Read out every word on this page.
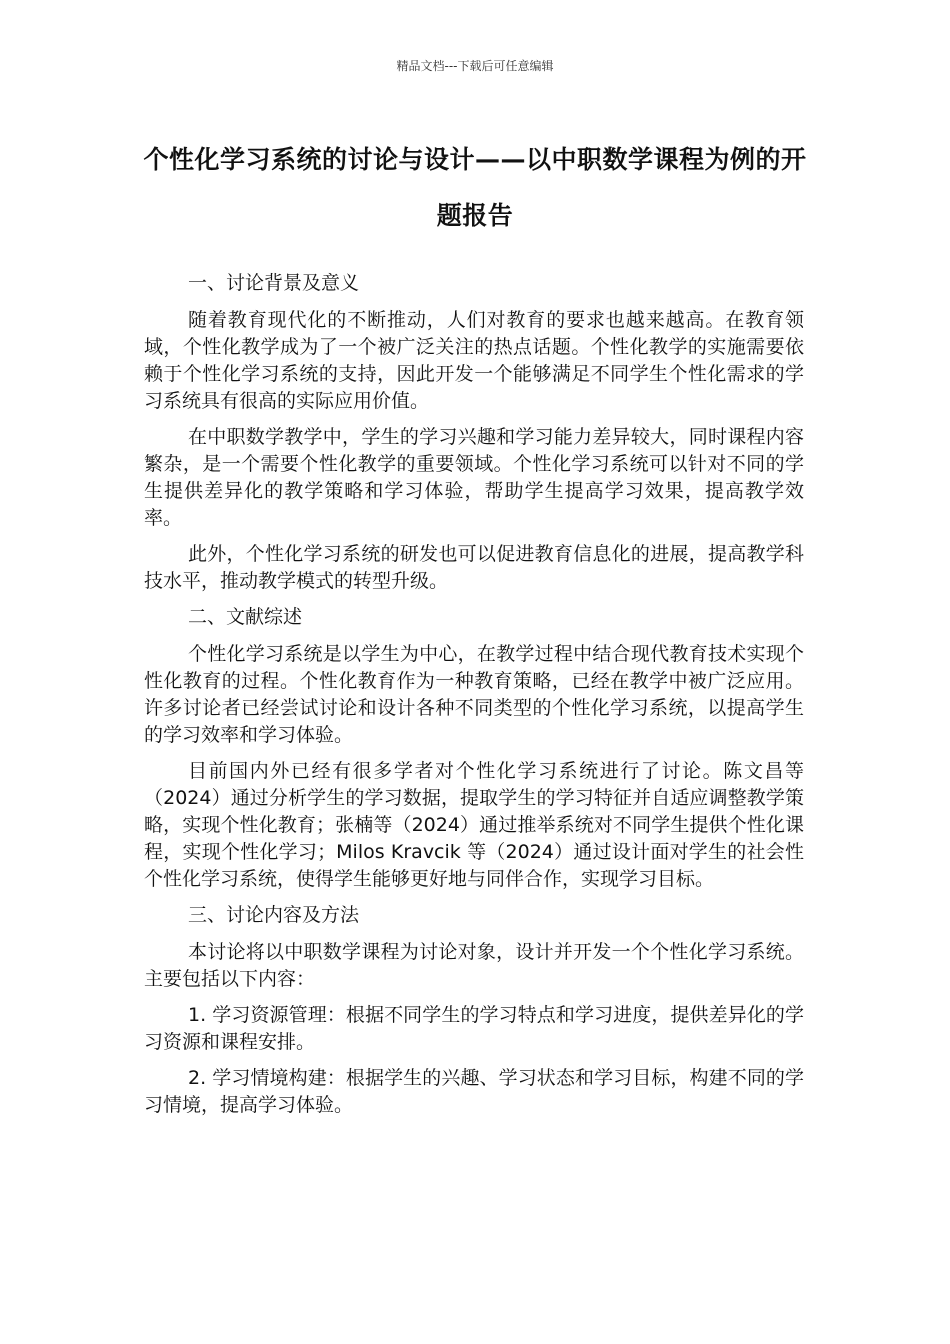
精品文档---下载后可任意编辑
个性化学习系统的讨论与设计——以中职数学课程为例的开题报告

一、讨论背景及意义

随着教育现代化的不断推动，人们对教育的要求也越来越高。在教育领域，个性化教学成为了一个被广泛关注的热点话题。个性化教学的实施需要依赖于个性化学习系统的支持，因此开发一个能够满足不同学生个性化需求的学习系统具有很高的实际应用价值。

在中职数学教学中，学生的学习兴趣和学习能力差异较大，同时课程内容繁杂，是一个需要个性化教学的重要领域。个性化学习系统可以针对不同的学生提供差异化的教学策略和学习体验，帮助学生提高学习效果，提高教学效率。

此外，个性化学习系统的研发也可以促进教育信息化的进展，提高教学科技水平，推动教学模式的转型升级。

二、文献综述

个性化学习系统是以学生为中心，在教学过程中结合现代教育技术实现个性化教育的过程。个性化教育作为一种教育策略，已经在教学中被广泛应用。许多讨论者已经尝试讨论和设计各种不同类型的个性化学习系统，以提高学生的学习效率和学习体验。

目前国内外已经有很多学者对个性化学习系统进行了讨论。陈文昌等（2024）通过分析学生的学习数据，提取学生的学习特征并自适应调整教学策略，实现个性化教育；张楠等（2024）通过推举系统对不同学生提供个性化课程，实现个性化学习；Milos Kravcik 等（2024）通过设计面对学生的社会性个性化学习系统，使得学生能够更好地与同伴合作，实现学习目标。

三、讨论内容及方法

本讨论将以中职数学课程为讨论对象，设计并开发一个个性化学习系统。主要包括以下内容：

1. 学习资源管理：根据不同学生的学习特点和学习进度，提供差异化的学习资源和课程安排。

2. 学习情境构建：根据学生的兴趣、学习状态和学习目标，构建不同的学习情境，提高学习体验。
